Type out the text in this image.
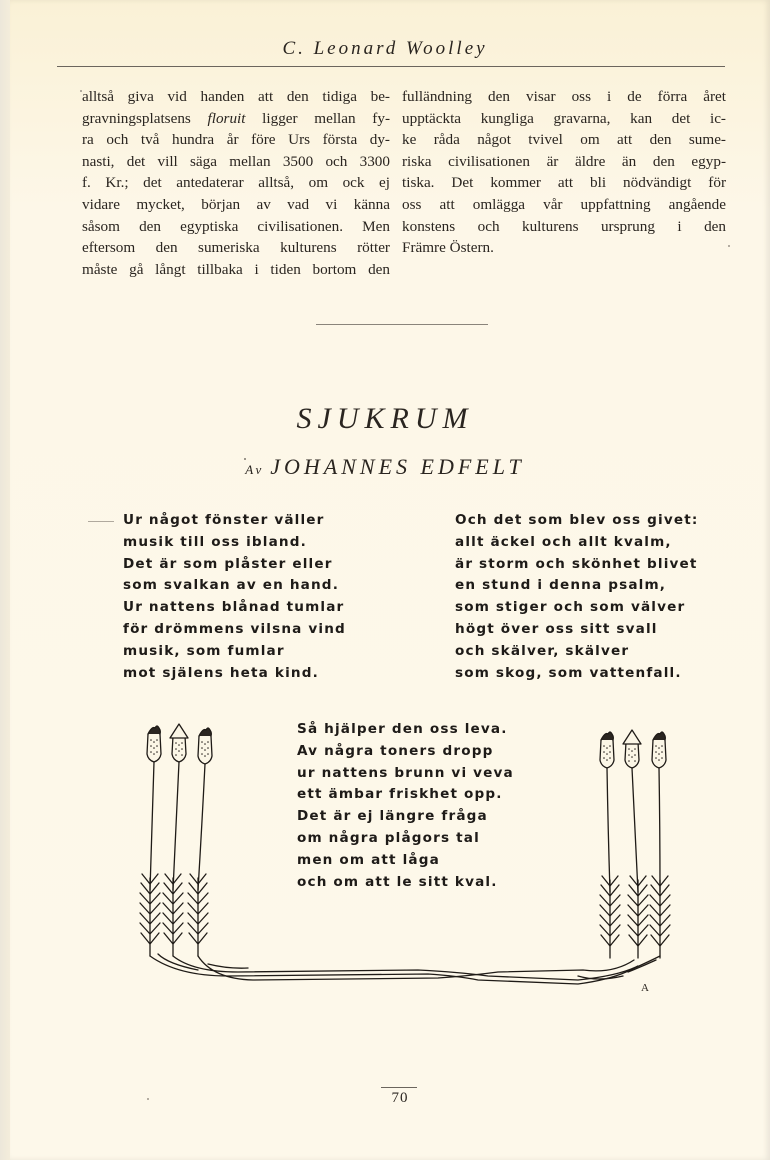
C. Leonard Woolley
alltså giva vid handen att den tidiga be-
gravningsplatsens floruit ligger mellan fy-
ra och två hundra år före Urs första dy-
nasti, det vill säga mellan 3500 och 3300
f. Kr.; det antedaterar alltså, om ock ej
vidare mycket, början av vad vi känna
såsom den egyptiska civilisationen. Men
eftersom den sumeriska kulturens rötter
måste gå långt tillbaka i tiden bortom den
fulländning den visar oss i de förra året
upptäckta kungliga gravarna, kan det ic-
ke råda något tvivel om att den sume-
riska civilisationen är äldre än den egyp-
tiska. Det kommer att bli nödvändigt för
oss att omlägga vår uppfattning angående
konstens och kulturens ursprung i den
Främre Östern.
SJUKRUM
Av JOHANNES EDFELT
Ur något fönster väller
musik till oss ibland.
Det är som plåster eller
som svalkan av en hand.
Ur nattens blånad tumlar
för drömmens vilsna vind
musik, som fumlar
mot själens heta kind.
Och det som blev oss givet:
allt äckel och allt kvalm,
är storm och skönhet blivet
en stund i denna psalm,
som stiger och som välver
högt över oss sitt svall
och skälver, skälver
som skog, som vattenfall.
Så hjälper den oss leva.
Av några toners dropp
ur nattens brunn vi veva
ett ämbar friskhet opp.
Det är ej längre fråga
om några plågors tal
men om att låga
och om att le sitt kval.
A
70
